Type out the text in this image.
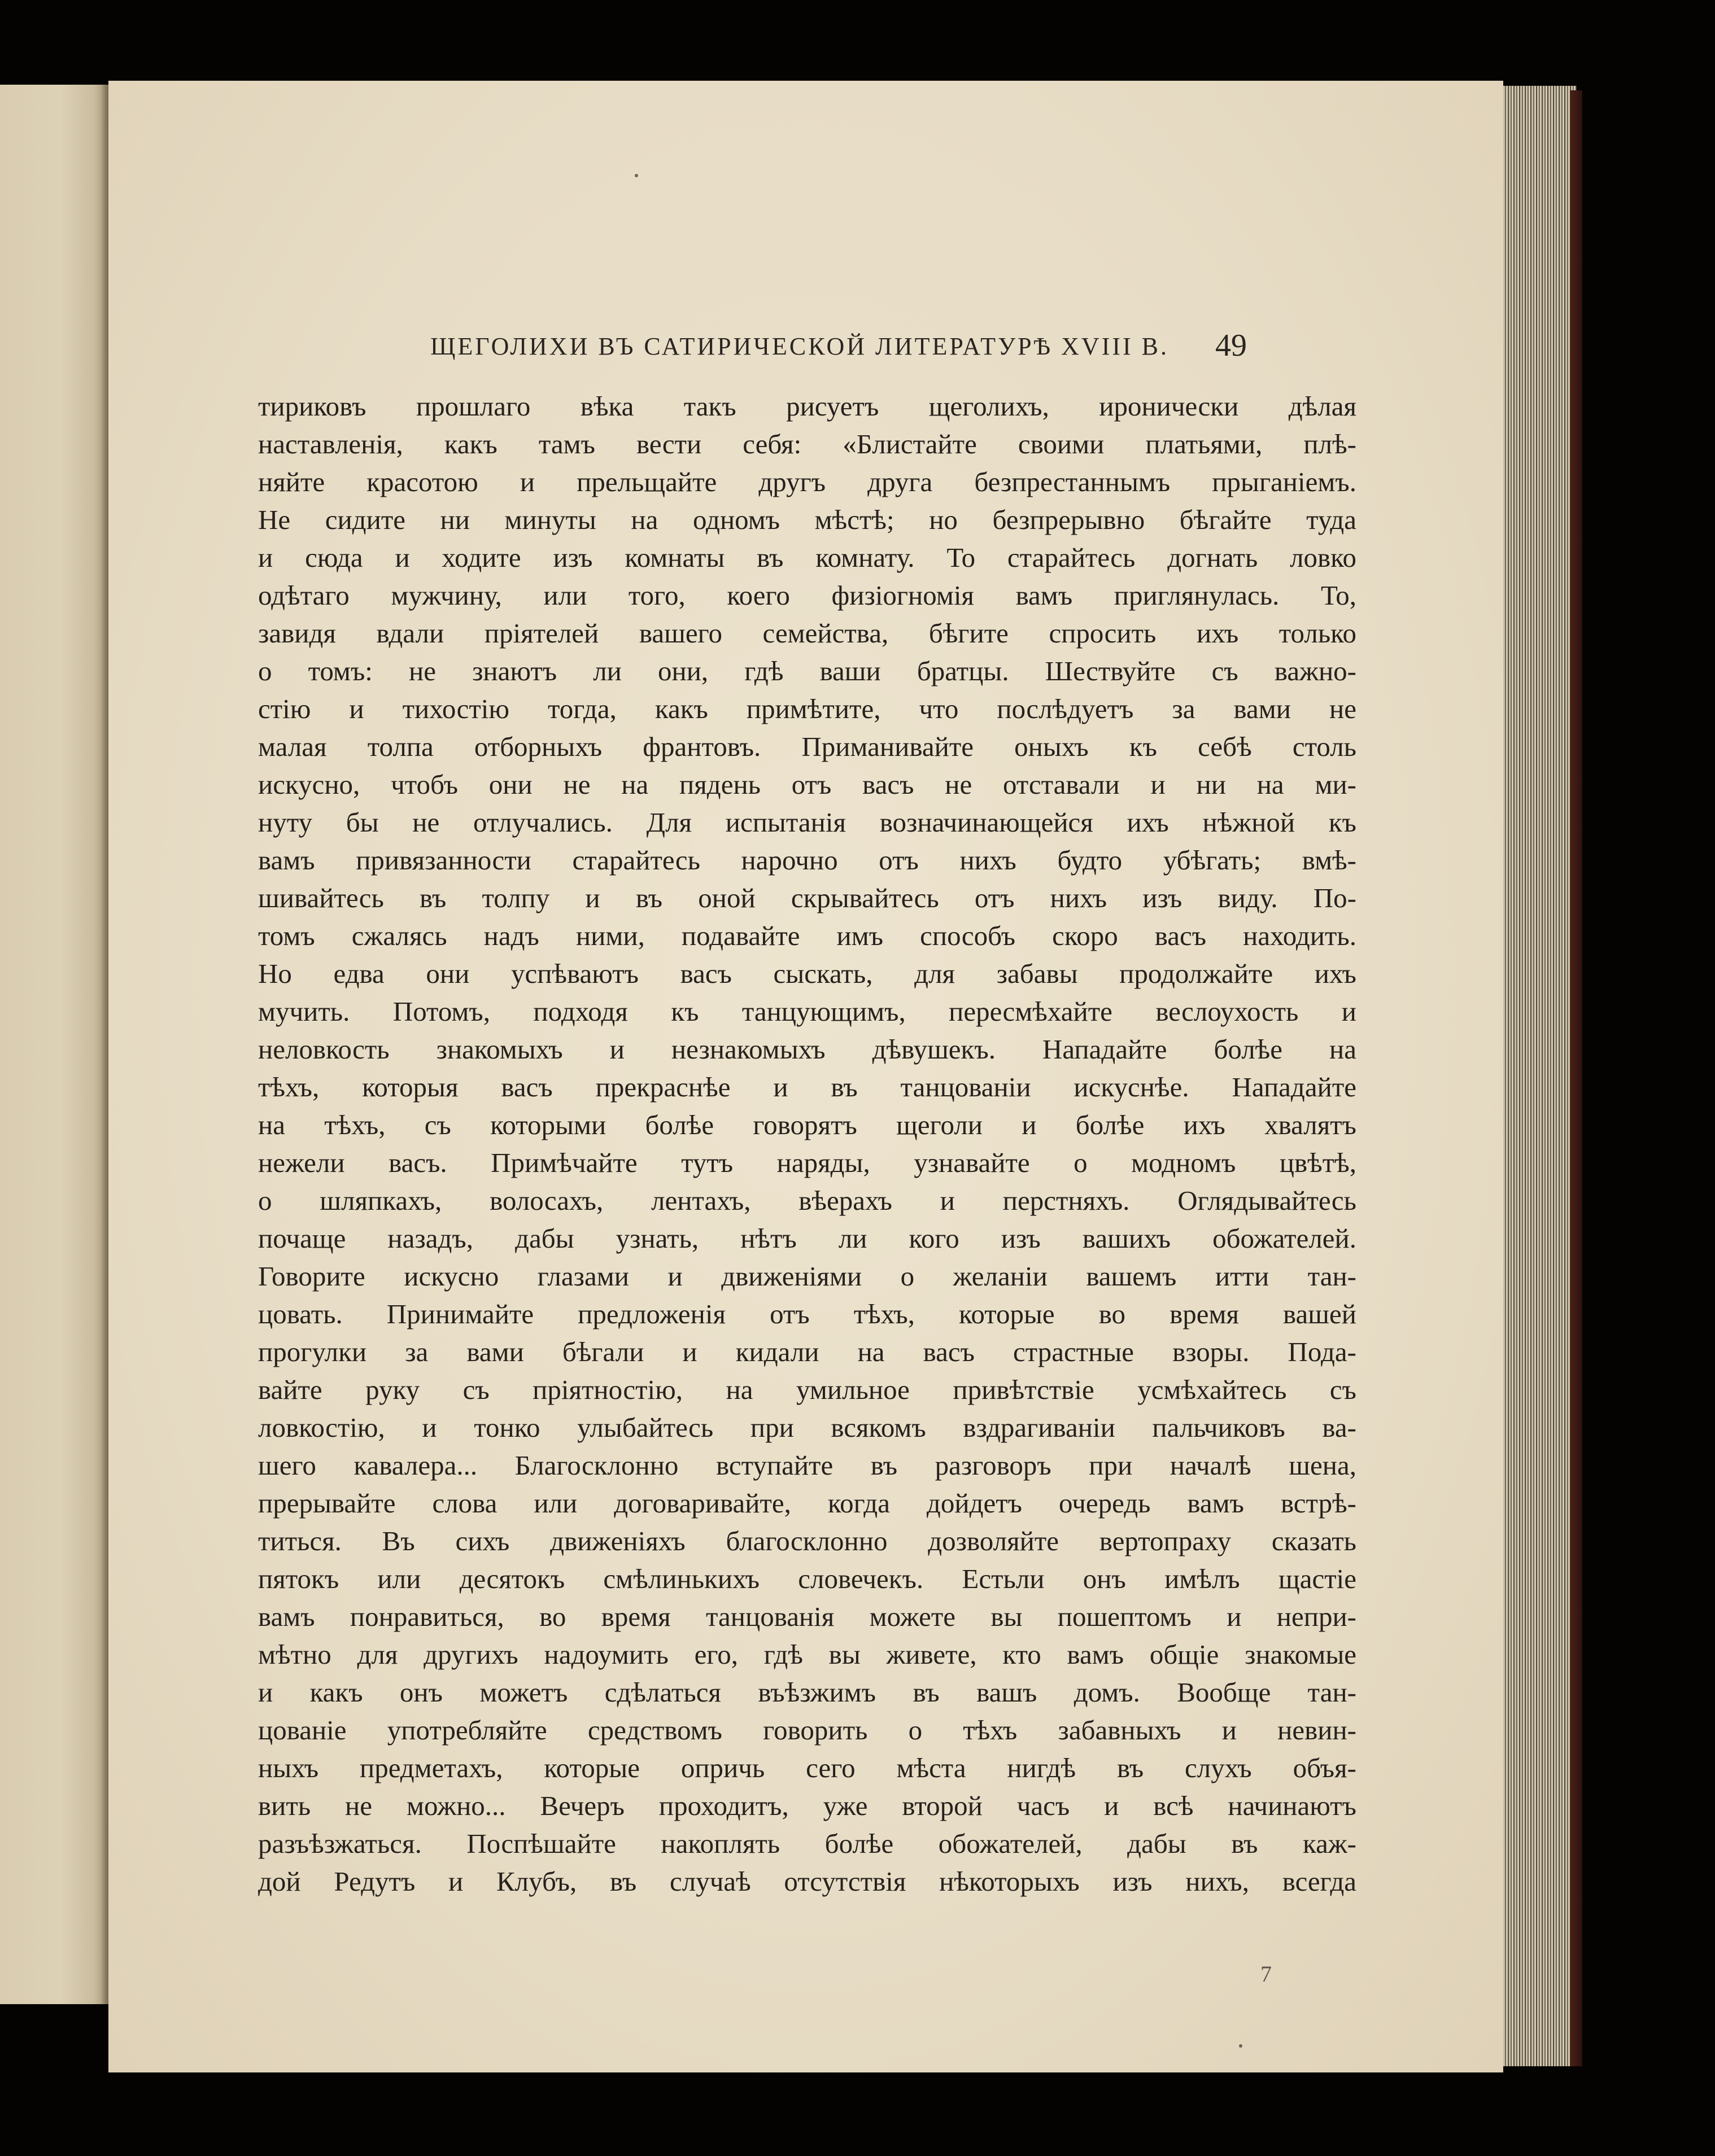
ЩЕГОЛИХИ ВЪ САТИРИЧЕСКОЙ ЛИТЕРАТУРѢ XVIII В. 49
тириковъ прошлаго вѣка такъ рисуетъ щеголихъ, иронически дѣлая
наставленія, какъ тамъ вести себя: «Блистайте своими платьями, плѣ-
няйте красотою и прельщайте другъ друга безпрестаннымъ прыганіемъ.
Не сидите ни минуты на одномъ мѣстѣ; но безпрерывно бѣгайте туда
и сюда и ходите изъ комнаты въ комнату. То старайтесь догнать ловко
одѣтаго мужчину, или того, коего физіогномія вамъ приглянулась. То,
завидя вдали пріятелей вашего семейства, бѣгите спросить ихъ только
о томъ: не знаютъ ли они, гдѣ ваши братцы. Шествуйте съ важно-
стію и тихостію тогда, какъ примѣтите, что послѣдуетъ за вами не
малая толпа отборныхъ франтовъ. Приманивайте оныхъ къ себѣ столь
искусно, чтобъ они не на пядень отъ васъ не отставали и ни на ми-
нуту бы не отлучались. Для испытанія возначинающейся ихъ нѣжной къ
вамъ привязанности старайтесь нарочно отъ нихъ будто убѣгать; вмѣ-
шивайтесь въ толпу и въ оной скрывайтесь отъ нихъ изъ виду. По-
томъ сжалясь надъ ними, подавайте имъ способъ скоро васъ находить.
Но едва они успѣваютъ васъ сыскать, для забавы продолжайте ихъ
мучить. Потомъ, подходя къ танцующимъ, пересмѣхайте веслоухость и
неловкость знакомыхъ и незнакомыхъ дѣвушекъ. Нападайте болѣе на
тѣхъ, которыя васъ прекраснѣе и въ танцованіи искуснѣе. Нападайте
на тѣхъ, съ которыми болѣе говорятъ щеголи и болѣе ихъ хвалятъ
нежели васъ. Примѣчайте тутъ наряды, узнавайте о модномъ цвѣтѣ,
о шляпкахъ, волосахъ, лентахъ, вѣерахъ и перстняхъ. Оглядывайтесь
почаще назадъ, дабы узнать, нѣтъ ли кого изъ вашихъ обожателей.
Говорите искусно глазами и движеніями о желаніи вашемъ итти тан-
цовать. Принимайте предложенія отъ тѣхъ, которые во время вашей
прогулки за вами бѣгали и кидали на васъ страстные взоры. Пода-
вайте руку съ пріятностію, на умильное привѣтствіе усмѣхайтесь съ
ловкостію, и тонко улыбайтесь при всякомъ вздрагиваніи пальчиковъ ва-
шего кавалера... Благосклонно вступайте въ разговоръ при началѣ шена,
прерывайте слова или договаривайте, когда дойдетъ очередь вамъ встрѣ-
титься. Въ сихъ движеніяхъ благосклонно дозволяйте вертопраху сказать
пятокъ или десятокъ смѣлинькихъ словечекъ. Естьли онъ имѣлъ щастіе
вамъ понравиться, во время танцованія можете вы пошептомъ и непри-
мѣтно для другихъ надоумить его, гдѣ вы живете, кто вамъ общіе знакомые
и какъ онъ можетъ сдѣлаться въѣзжимъ въ вашъ домъ. Вообще тан-
цованіе употребляйте средствомъ говорить о тѣхъ забавныхъ и невин-
ныхъ предметахъ, которые опричь сего мѣста нигдѣ въ слухъ объя-
вить не можно... Вечеръ проходитъ, уже второй часъ и всѣ начинаютъ
разъѣзжаться. Поспѣшайте накоплять болѣе обожателей, дабы въ каж-
дой Редутъ и Клубъ, въ случаѣ отсутствія нѣкоторыхъ изъ нихъ, всегда
7
